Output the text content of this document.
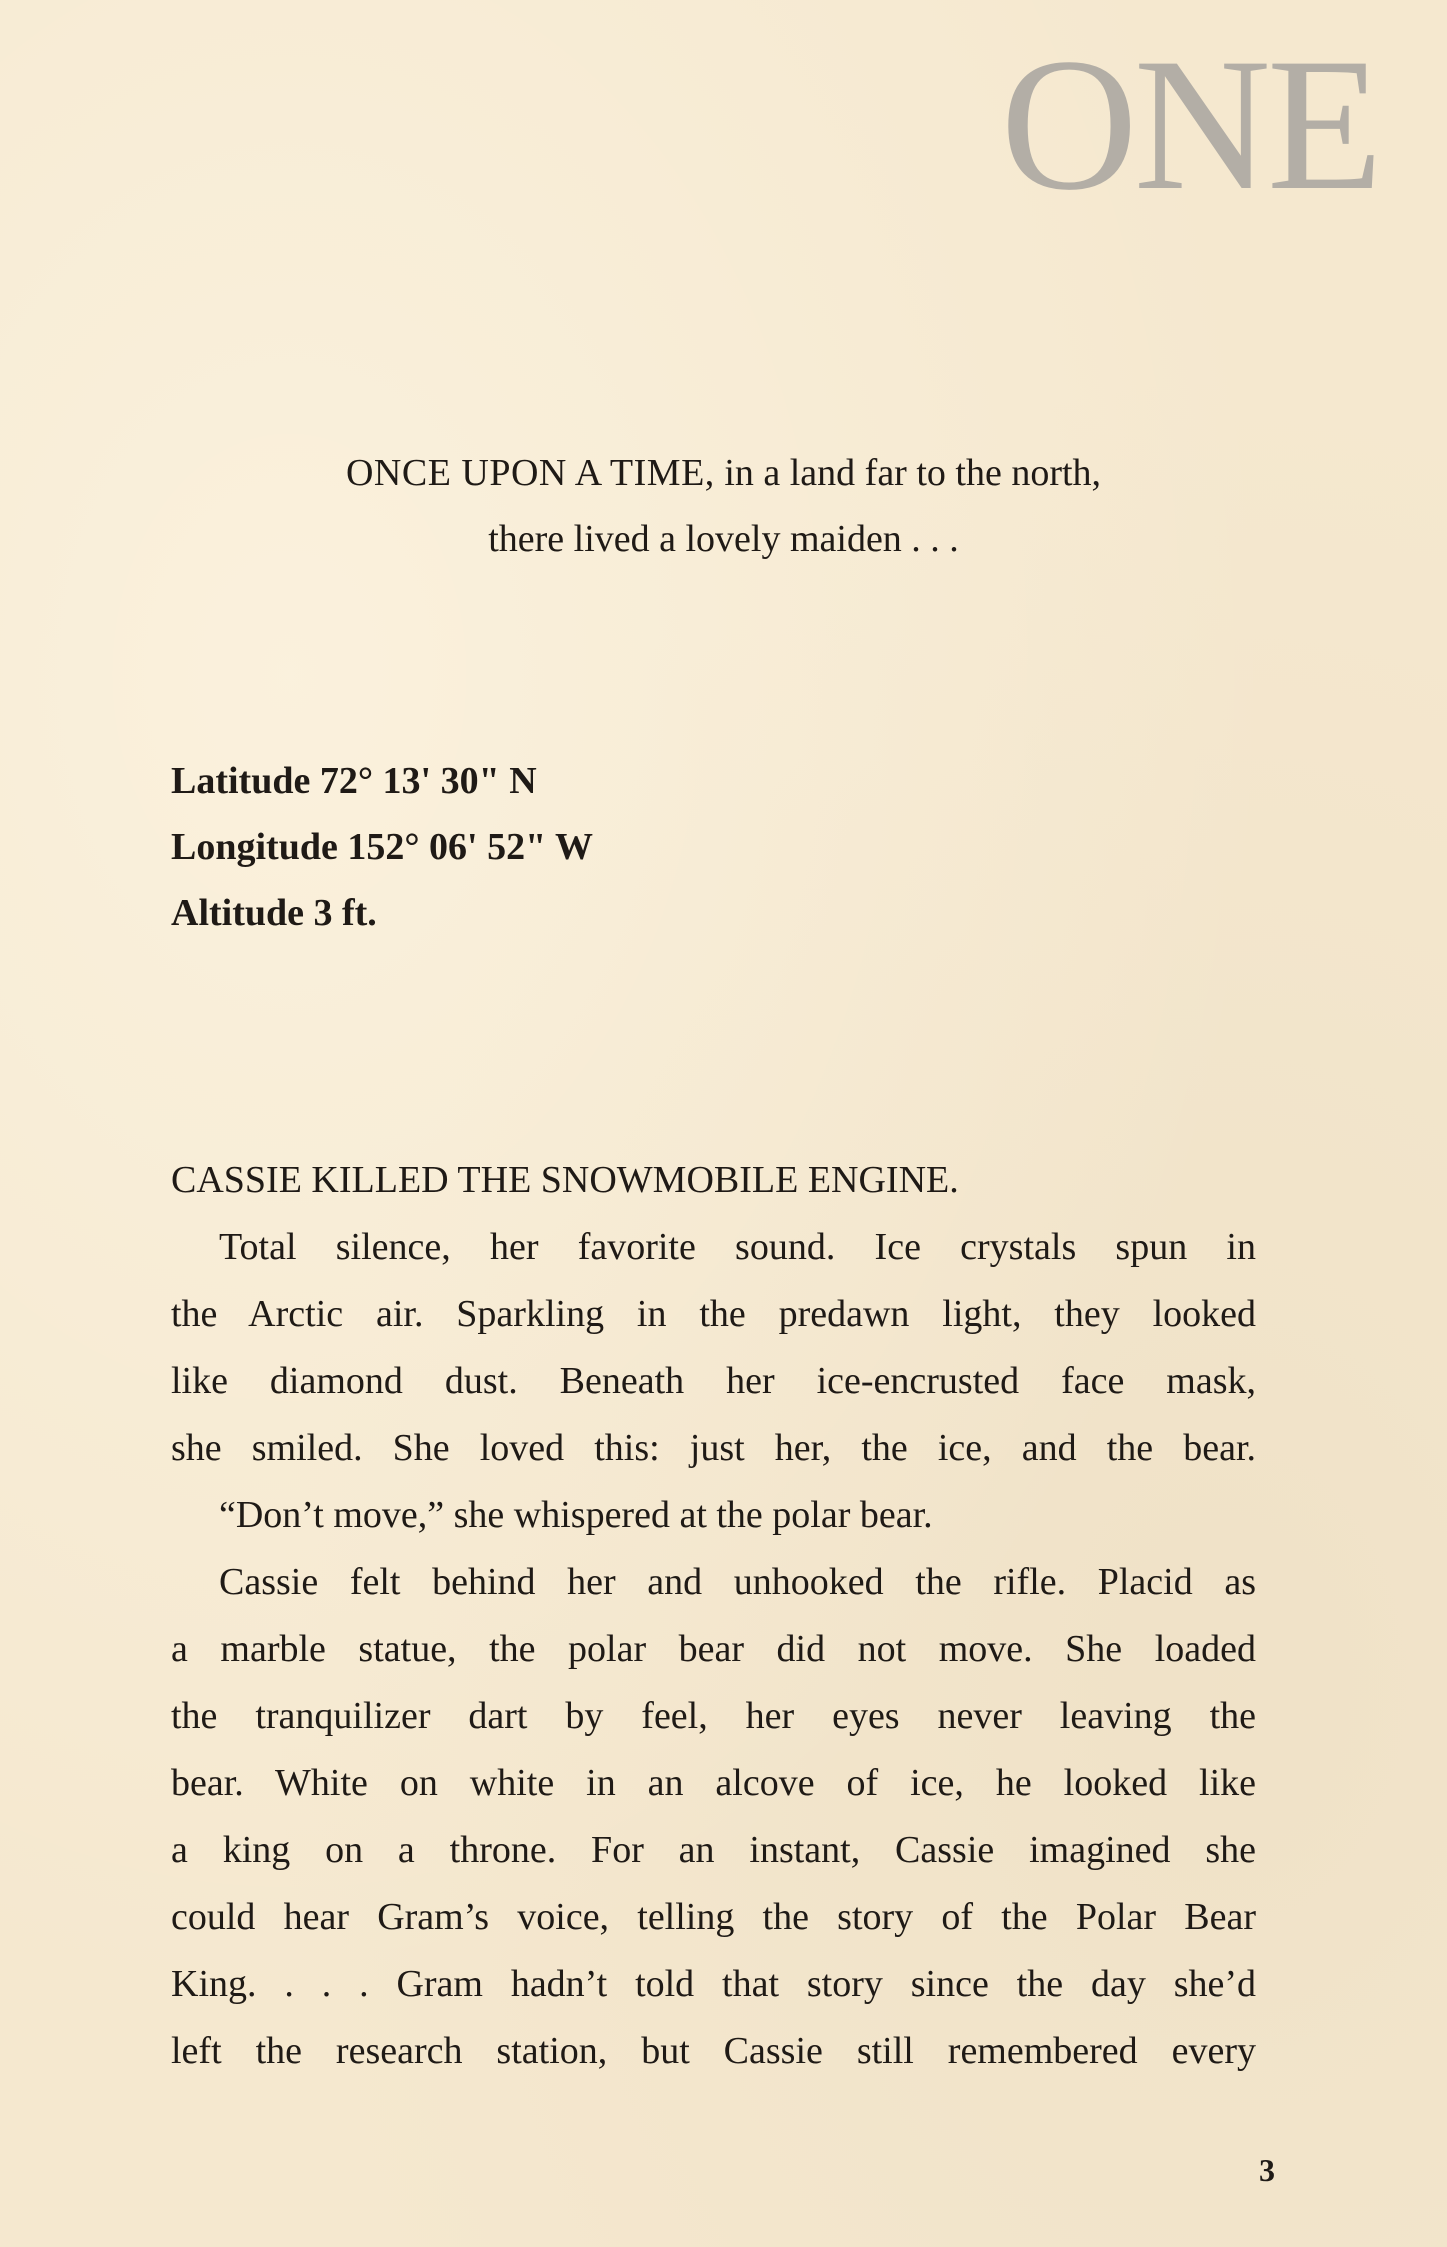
ONE
ONCE UPON A TIME, in a land far to the north,
there lived a lovely maiden . . .
Latitude 72° 13' 30" N
Longitude 152° 06' 52" W
Altitude 3 ft.

CASSIE KILLED THE SNOWMOBILE ENGINE.

Total silence, her favorite sound. Ice crystals spun in

the Arctic air. Sparkling in the predawn light, they looked

like diamond dust. Beneath her ice-encrusted face mask,

she smiled. She loved this: just her, the ice, and the bear.

“Don’t move,” she whispered at the polar bear.

Cassie felt behind her and unhooked the rifle. Placid as

a marble statue, the polar bear did not move. She loaded

the tranquilizer dart by feel, her eyes never leaving the

bear. White on white in an alcove of ice, he looked like

a king on a throne. For an instant, Cassie imagined she

could hear Gram’s voice, telling the story of the Polar Bear

King. . . . Gram hadn’t told that story since the day she’d

left the research station, but Cassie still remembered every

3
